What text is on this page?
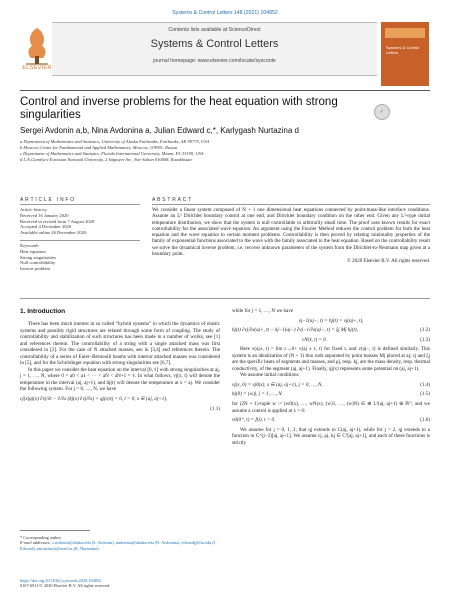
Systems & Control Letters 148 (2021) 104852
ELSEVIER
Contents lists available at ScienceDirect
Systems & Control Letters
journal homepage: www.elsevier.com/locate/sysconle
Systems & Control Letters
Control and inverse problems for the heat equation with strong singularities	✓
Sergei Avdonin a,b, Nina Avdonina a, Julian Edward c,*, Karlygash Nurtazina d
a Department of Mathematics and Statistics, University of Alaska Fairbanks, Fairbanks, AK 99775, USA
b Moscow Center for Fundamental and Applied Mathematics, Moscow, 119991, Russia
c Department of Mathematics and Statistics, Florida International University, Miami, FL 33199, USA
d L.N.Gumilyov Eurasian National University, 2 Satpayev Str., Nur-Sultan 010008, Kazakhstan
ARTICLE INFO	ABSTRACT
Article history:
Received 16 January 2020
Received in revised form 7 August 2020
Accepted 4 December 2020
Available online 26 December 2020
Keywords:
Heat equation
Strong singularities
Null controllability
Inverse problem
We consider a linear system composed of N + 1 one dimensional heat equations connected by point-mass-like interface conditions. Assume an L² Dirichlet boundary control at one end, and Dirichlet boundary condition on the other end. Given any L²-type initial temperature distribution, we show that the system is null controllable in arbitrarily small time. The proof uses known results for exact controllability for the associated wave equation. An argument using the Fourier Method reduces the control problem for both the heat equation and the wave equation to certain moment problems. Controllability is then proved by relating minimality properties of the family of exponential functions associated to the wave with the family associated to the heat equation. Based on the controllability result we solve the dynamical inverse problem, i.e. recover unknown parameters of the system from the Dirichlet-to-Neumann map given at a boundary point.
© 2020 Elsevier B.V. All rights reserved.
1. Introduction

There has been much interest in so called “hybrid systems” in which the dynamics of elastic systems and possibly rigid structures are related through some form of coupling. The study of controllability and stabilization of such structures has been made in a number of works, see [1] and references therein. The controllability of a string with a single attached mass was first considered in [2]. For the case of N attached masses, see in [3,4] and references therein. The controllability of a series of Euler–Bernoulli beams with interior attached masses was considered in [5], and for the Schrödinger equation with strong singularities see [6,7].

In this paper we consider the heat equation on the interval [0, ℓ] with strong singularities at aj, j = 1, …, N, where 0 = a0 < a1 < ⋯ < aN < aN+1 = ℓ. In what follows, vj(x, t) will denote the temperature in the interval (aj, aj+1), and hj(t) will denote the temperature at x = aj. We consider the following system. For j = 0, …, N, we have

cj(x)ρj(x) ∂vj/∂t − ∂/∂x (kj(x) ∂vj/∂x) + qj(x)vj = 0, t > 0, x ∈ (aj, aj+1),
(1.1)

while for j = 1, …, N we have

vj−1(aj−, t) = hj(t) = vj(aj+, t),
hj(t) ∂vj/∂x(aj+, t) − kj−1(aj−) ∂vj−1/∂x(aj−, t) = ξj Mj hj(t),	(1.2)
vN(ℓ, t) = 0.	(1.3)

Here v(aj±, t) = lim ε→0+ v(aj ± ε, t) for fixed t, and v(aj−, t) is defined similarly. This system is an idealization of (N + 1) thin rods separated by point masses Mj placed at aj; cj and ξj are the specific heats of segments and masses, and ρj, resp. kj, are the mass density, resp. thermal conductivity, of the segment (aj, aj+1). Finally, qj(x) represents some potential on (aj, aj+1).

We assume initial conditions

vj(x, 0) = vj0(x), x ∈ (aj, aj+1), j = 0, …, N,	(1.4)
hj(0) = (w)j, j = 1, …, N.	(1.5)

for (2N + 1)-tuple w := (w0(x), …, wN(x), (w)1, …, (w)N) ∈ ⊕ L²(aj, aj+1) ⊕ ℝᴺ, and we assume a control is applied at x = 0:

v0(0⁺, t) = f(t), t > 0.	(1.6)

We assume for j = 0, 1, 2, that qj extends to C(aj, aj+1), while for j > 2, qj extends to a function in C^(j−2)[aj, aj+1]. We assume cj, ρj, kj ∈ C²[aj, aj+1], and each of these functions is strictly

* Corresponding author.
E-mail addresses: s.avdonin@alaska.edu (S. Avdonin), nndonina@alaska.edu (N. Avdonina), edwardj@fiu.edu (J. Edward), nurtazina.k@mail.ru (K. Nurtazina).
https://doi.org/10.1016/j.sysconle.2020.104852
0167-6911/© 2020 Elsevier B.V. All rights reserved.
